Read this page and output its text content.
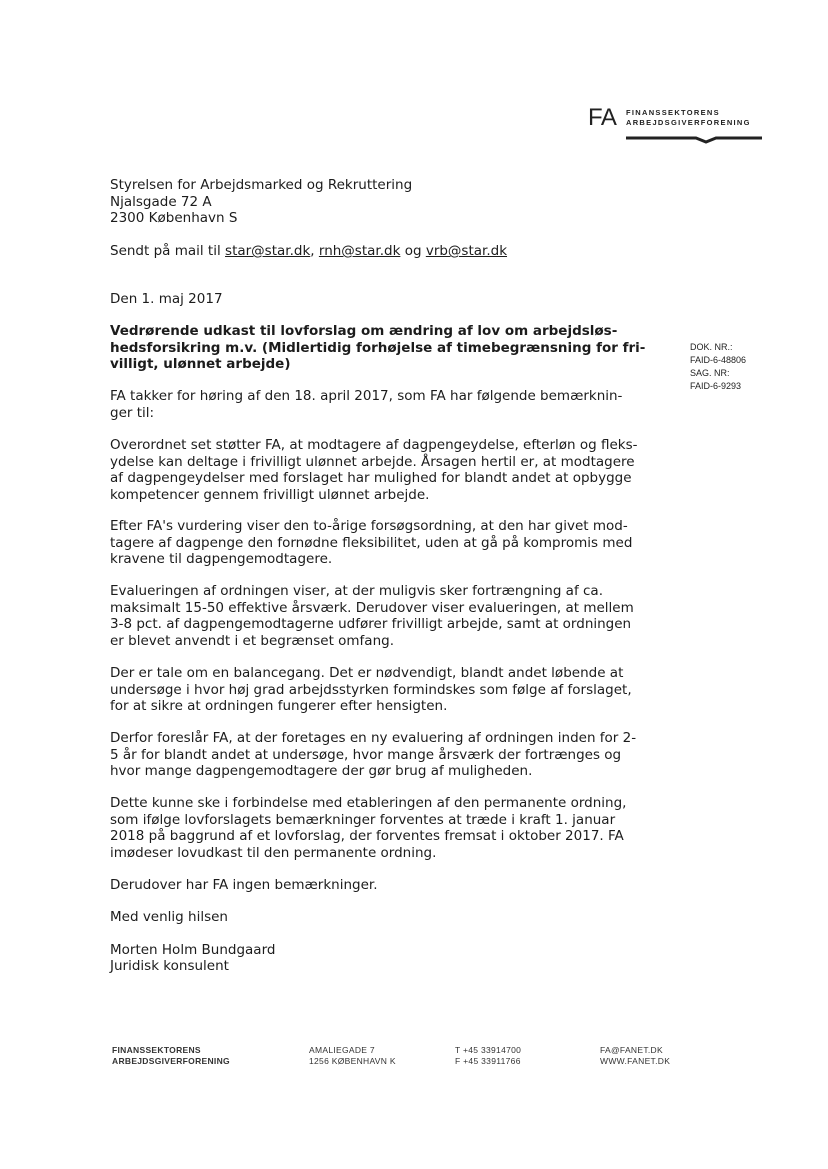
FA FINANSSEKTORENS
ARBEJDSGIVERFORENING
Styrelsen for Arbejdsmarked og Rekruttering
Njalsgade 72 A
2300 København S
Sendt på mail til star@star.dk, rnh@star.dk og vrb@star.dk
Den 1. maj 2017
Vedrørende udkast til lovforslag om ændring af lov om arbejdsløs-
hedsforsikring m.v. (Midlertidig forhøjelse af timebegrænsning for fri-
villigt, ulønnet arbejde)
DOK. NR.:
FAID-6-48806
SAG. NR:
FAID-6-9293
FA takker for høring af den 18. april 2017, som FA har følgende bemærknin-
ger til:
Overordnet set støtter FA, at modtagere af dagpengeydelse, efterløn og fleks-
ydelse kan deltage i frivilligt ulønnet arbejde. Årsagen hertil er, at modtagere
af dagpengeydelser med forslaget har mulighed for blandt andet at opbygge
kompetencer gennem frivilligt ulønnet arbejde.
Efter FA's vurdering viser den to-årige forsøgsordning, at den har givet mod-
tagere af dagpenge den fornødne fleksibilitet, uden at gå på kompromis med
kravene til dagpengemodtagere.
Evalueringen af ordningen viser, at der muligvis sker fortrængning af ca.
maksimalt 15-50 effektive årsværk. Derudover viser evalueringen, at mellem
3-8 pct. af dagpengemodtagerne udfører frivilligt arbejde, samt at ordningen
er blevet anvendt i et begrænset omfang.
Der er tale om en balancegang. Det er nødvendigt, blandt andet løbende at
undersøge i hvor høj grad arbejdsstyrken formindskes som følge af forslaget,
for at sikre at ordningen fungerer efter hensigten.
Derfor foreslår FA, at der foretages en ny evaluering af ordningen inden for 2-
5 år for blandt andet at undersøge, hvor mange årsværk der fortrænges og
hvor mange dagpengemodtagere der gør brug af muligheden.
Dette kunne ske i forbindelse med etableringen af den permanente ordning,
som ifølge lovforslagets bemærkninger forventes at træde i kraft 1. januar
2018 på baggrund af et lovforslag, der forventes fremsat i oktober 2017. FA
imødeser lovudkast til den permanente ordning.
Derudover har FA ingen bemærkninger.
Med venlig hilsen
Morten Holm Bundgaard
Juridisk konsulent
FINANSSEKTORENS
ARBEJDSGIVERFORENING
AMALIEGADE 7
1256 KØBENHAVN K
T +45 33914700
F +45 33911766
FA@FANET.DK
WWW.FANET.DK
